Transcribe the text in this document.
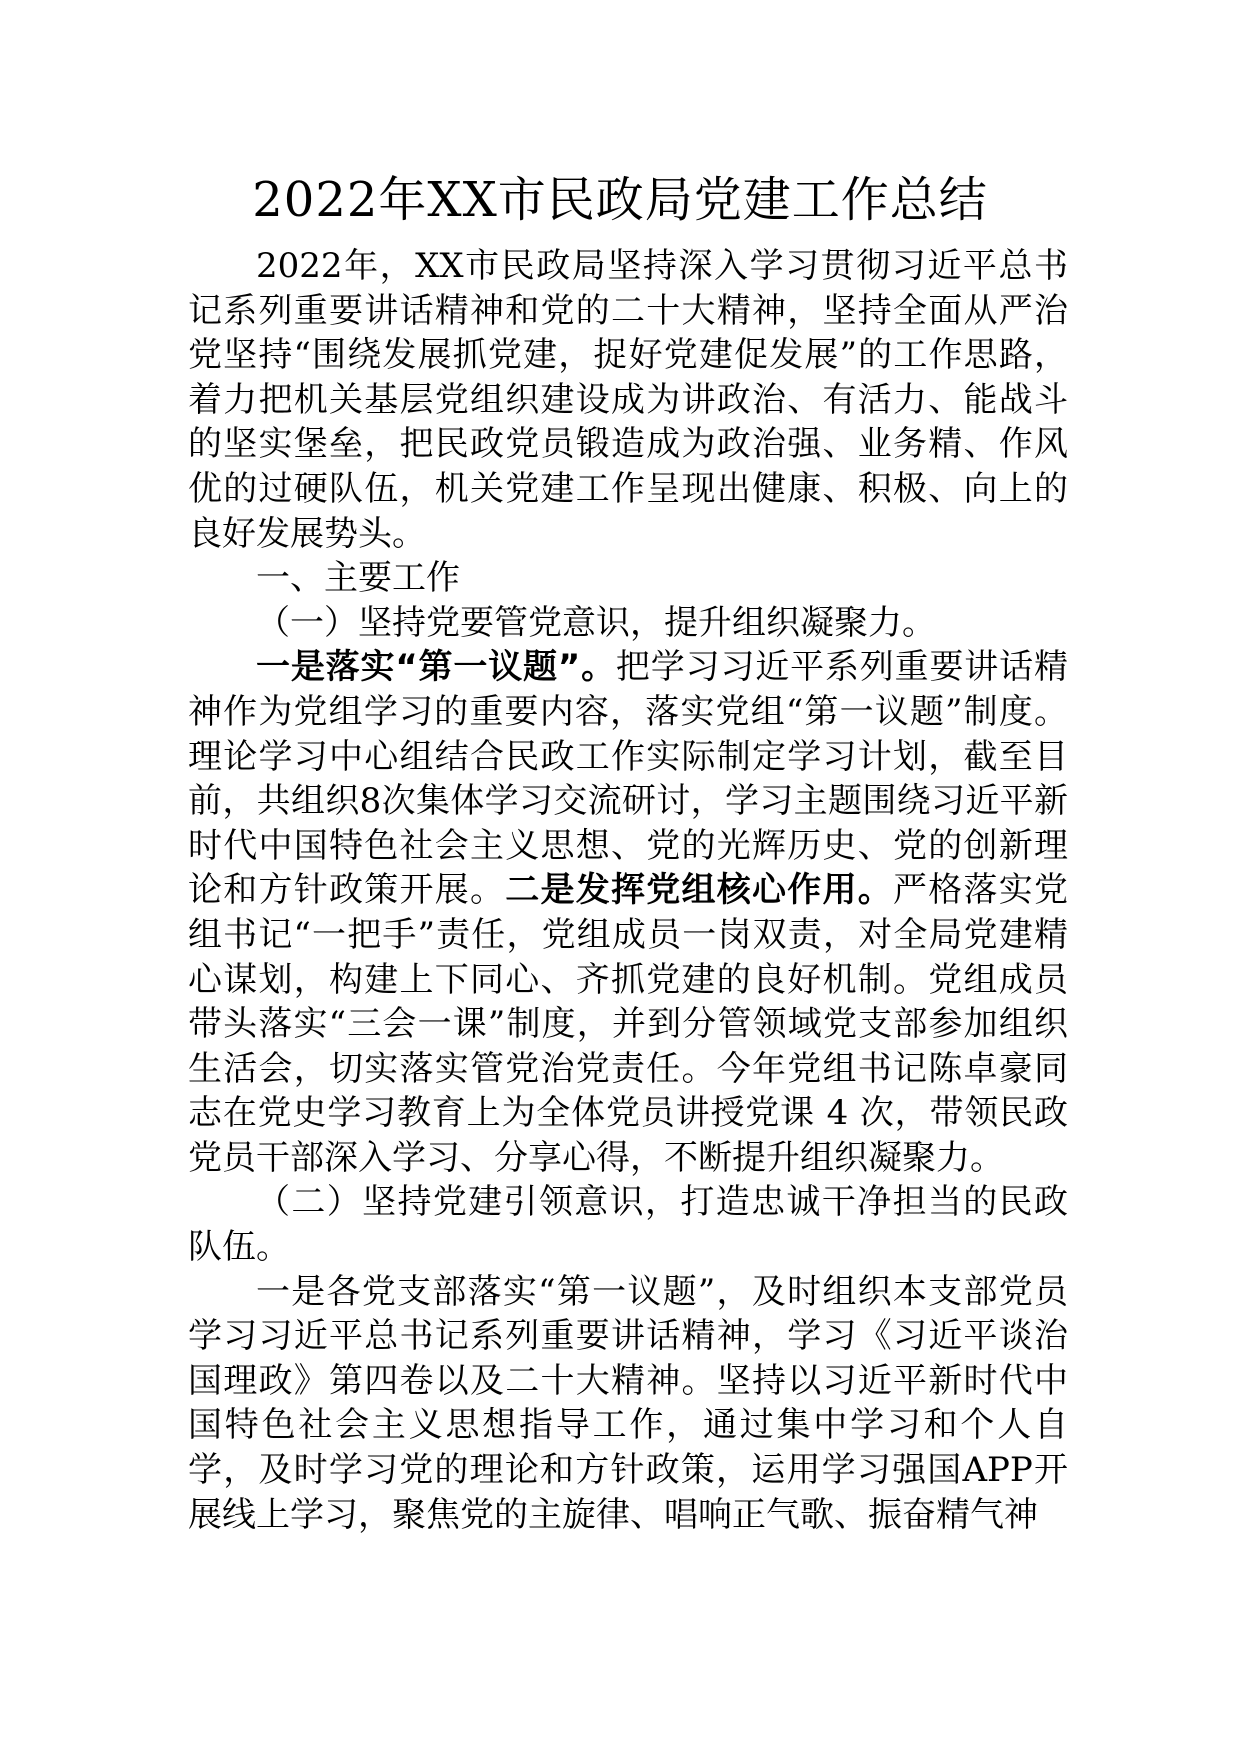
2022年XX市民政局党建工作总结

2022年，XX市民政局坚持深入学习贯彻习近平总书记系列重要讲话精神和党的二十大精神，坚持全面从严治党坚持“围绕发展抓党建，捉好党建促发展”的工作思路，着力把机关基层党组织建设成为讲政治、有活力、能战斗的坚实堡垒，把民政党员锻造成为政治强、业务精、作风优的过硬队伍，机关党建工作呈现出健康、积极、向上的良好发展势头。

一、主要工作

（一）坚持党要管党意识，提升组织凝聚力。

一是落实“第一议题”。把学习习近平系列重要讲话精神作为党组学习的重要内容，落实党组“第一议题”制度。理论学习中心组结合民政工作实际制定学习计划，截至目前，共组织8次集体学习交流研讨，学习主题围绕习近平新时代中国特色社会主义思想、党的光辉历史、党的创新理论和方针政策开展。二是发挥党组核心作用。严格落实党组书记“一把手”责任，党组成员一岗双责，对全局党建精心谋划，构建上下同心、齐抓党建的良好机制。党组成员带头落实“三会一课”制度，并到分管领域党支部参加组织生活会，切实落实管党治党责任。今年党组书记陈卓豪同志在党史学习教育上为全体党员讲授党课 4 次，带领民政党员干部深入学习、分享心得，不断提升组织凝聚力。

（二）坚持党建引领意识，打造忠诚干净担当的民政队伍。

一是各党支部落实“第一议题”，及时组织本支部党员学习习近平总书记系列重要讲话精神，学习《习近平谈治国理政》第四卷以及二十大精神。坚持以习近平新时代中国特色社会主义思想指导工作，通过集中学习和个人自学，及时学习党的理论和方针政策，运用学习强国APP开展线上学习，聚焦党的主旋律、唱响正气歌、振奋精气神
